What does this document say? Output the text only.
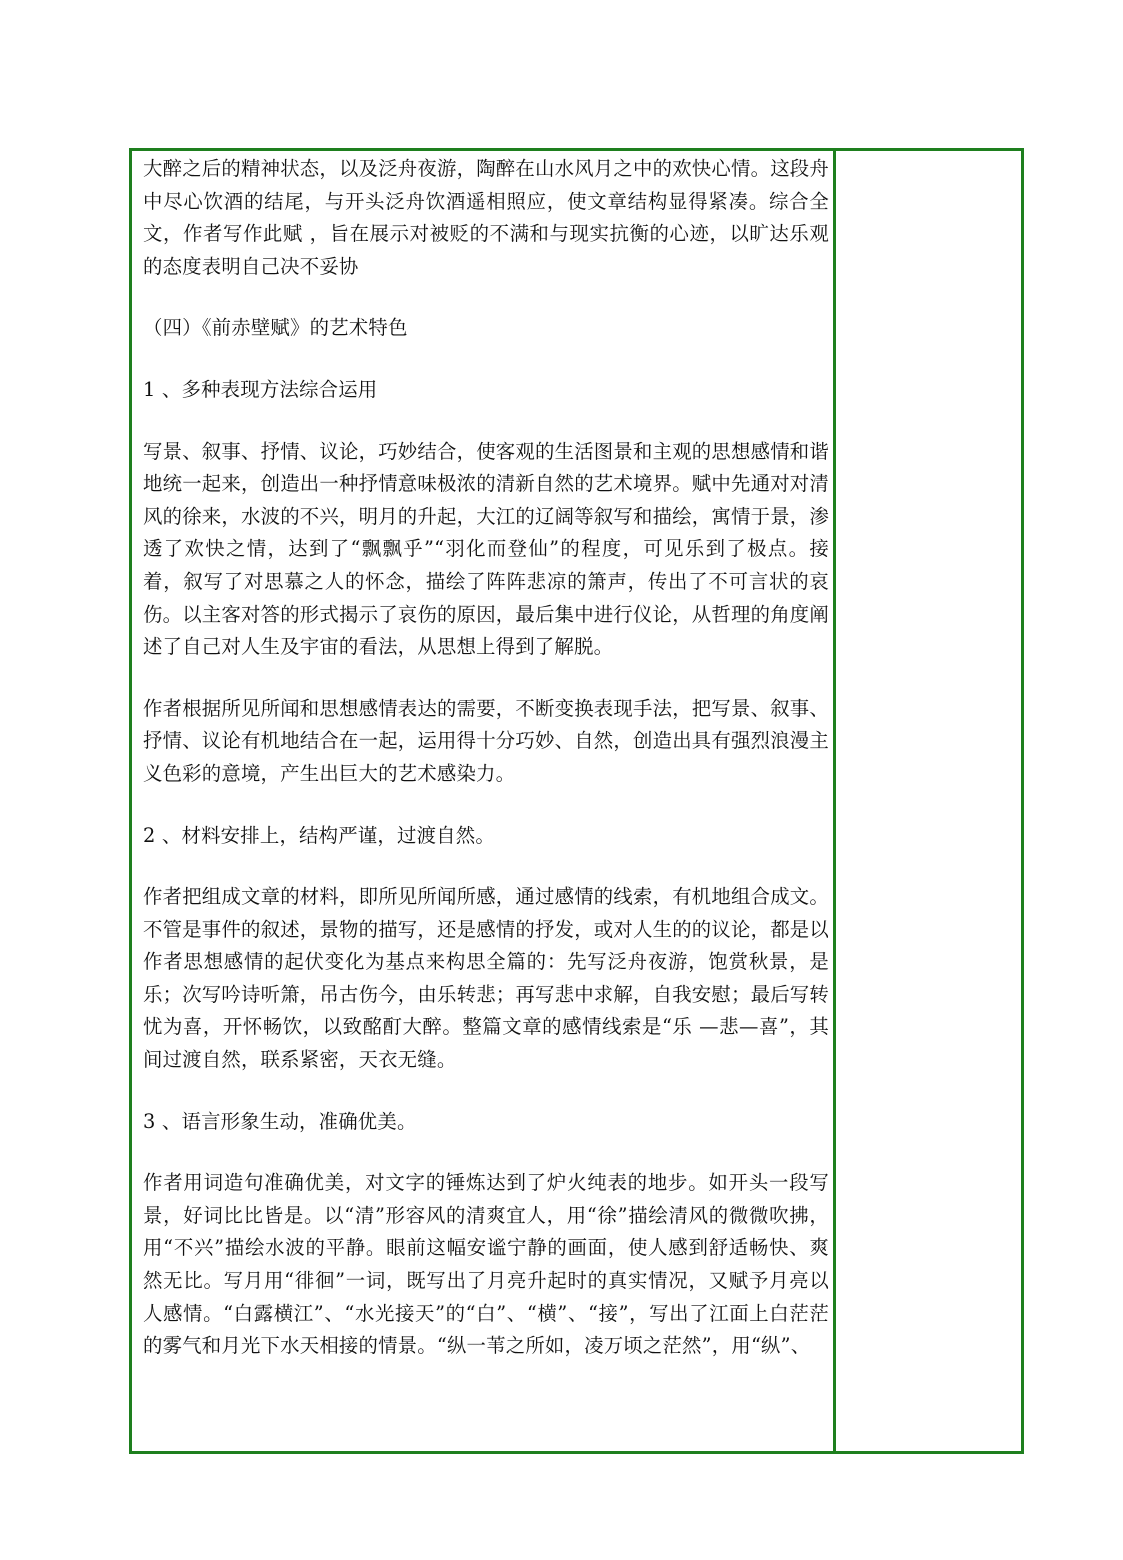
大醉之后的精神状态，以及泛舟夜游，陶醉在山水风月之中的欢快心情。这段舟中尽心饮酒的结尾，与开头泛舟饮酒遥相照应，使文章结构显得紧凑。综合全文，作者写作此赋 ，旨在展示对被贬的不满和与现实抗衡的心迹，以旷达乐观的态度表明自己决不妥协

（四）《前赤壁赋》的艺术特色

1 、多种表现方法综合运用

写景、叙事、抒情、议论，巧妙结合，使客观的生活图景和主观的思想感情和谐地统一起来，创造出一种抒情意味极浓的清新自然的艺术境界。赋中先通对对清风的徐来，水波的不兴，明月的升起，大江的辽阔等叙写和描绘，寓情于景，渗透了欢快之情，达到了“飘飘乎”“羽化而登仙”的程度，可见乐到了极点。接着，叙写了对思慕之人的怀念，描绘了阵阵悲凉的箫声，传出了不可言状的哀伤。以主客对答的形式揭示了哀伤的原因，最后集中进行仪论，从哲理的角度阐述了自己对人生及宇宙的看法，从思想上得到了解脱。

作者根据所见所闻和思想感情表达的需要，不断变换表现手法，把写景、叙事、抒情、议论有机地结合在一起，运用得十分巧妙、自然，创造出具有强烈浪漫主义色彩的意境，产生出巨大的艺术感染力。

2 、材料安排上，结构严谨，过渡自然。

作者把组成文章的材料，即所见所闻所感，通过感情的线索，有机地组合成文。不管是事件的叙述，景物的描写，还是感情的抒发，或对人生的的议论，都是以作者思想感情的起伏变化为基点来构思全篇的：先写泛舟夜游，饱赏秋景，是乐；次写吟诗听箫，吊古伤今，由乐转悲；再写悲中求解，自我安慰；最后写转忧为喜，开怀畅饮，以致酩酊大醉。整篇文章的感情线索是“乐 —悲—喜”，其间过渡自然，联系紧密，天衣无缝。

3 、语言形象生动，准确优美。

作者用词造句准确优美，对文字的锤炼达到了炉火纯表的地步。如开头一段写景，好词比比皆是。以“清”形容风的清爽宜人，用“徐”描绘清风的微微吹拂，用“不兴”描绘水波的平静。眼前这幅安谧宁静的画面，使人感到舒适畅快、爽然无比。写月用“徘徊”一词，既写出了月亮升起时的真实情况，又赋予月亮以人感情。“白露横江”、“水光接天”的“白”、“横”、“接”，写出了江面上白茫茫的雾气和月光下水天相接的情景。“纵一苇之所如，凌万顷之茫然”，用“纵”、
